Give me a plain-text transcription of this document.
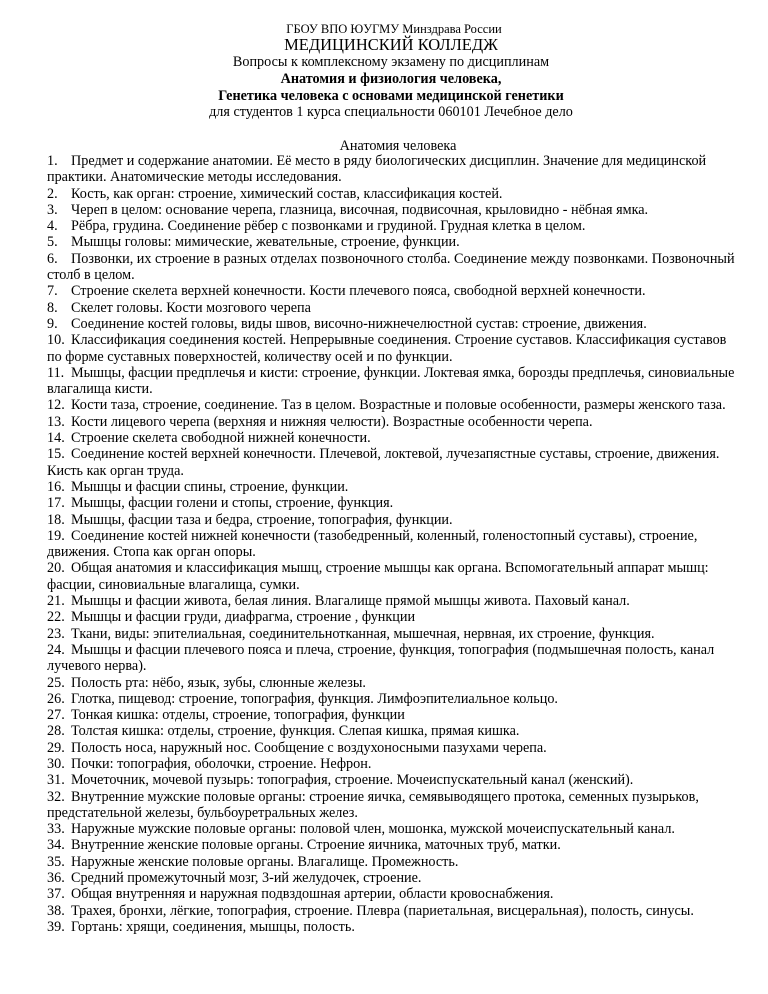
ГБОУ ВПО ЮУГМУ Минздрава России
МЕДИЦИНСКИЙ КОЛЛЕДЖ
Вопросы к комплексному экзамену по дисциплинам
Анатомия и физиология человека,
Генетика человека с основами медицинской генетики
для студентов 1 курса специальности 060101 Лечебное дело
Анатомия человека
1. Предмет и содержание анатомии. Её место в ряду биологических дисциплин. Значение для медицинской практики. Анатомические методы исследования.
2. Кость, как орган: строение, химический состав, классификация костей.
3. Череп в целом: основание черепа, глазница, височная, подвисочная, крыловидно - нёбная ямка.
4. Рёбра, грудина. Соединение рёбер с позвонками и грудиной. Грудная клетка в целом.
5. Мышцы головы: мимические, жевательные, строение, функции.
6. Позвонки, их строение в разных отделах позвоночного столба. Соединение между позвонками. Позвоночный столб в целом.
7. Строение скелета верхней конечности. Кости плечевого пояса, свободной верхней конечности.
8. Скелет головы. Кости мозгового черепа
9. Соединение костей головы, виды швов, височно-нижнечелюстной сустав: строение, движения.
10. Классификация соединения костей. Непрерывные соединения. Строение суставов. Классификация суставов по форме суставных поверхностей, количеству осей и по функции.
11. Мышцы, фасции предплечья и кисти: строение, функции. Локтевая ямка, борозды предплечья, синовиальные влагалища кисти.
12. Кости таза, строение, соединение. Таз в целом. Возрастные и половые особенности, размеры женского таза.
13. Кости лицевого черепа (верхняя и нижняя челюсти). Возрастные особенности черепа.
14. Строение скелета свободной нижней конечности.
15. Соединение костей верхней конечности. Плечевой, локтевой, лучезапястные суставы, строение, движения. Кисть как орган труда.
16. Мышцы и фасции спины, строение, функции.
17. Мышцы, фасции голени и стопы, строение, функция.
18. Мышцы, фасции таза и бедра, строение, топография, функции.
19. Соединение костей нижней конечности (тазобедренный, коленный, голеностопный суставы), строение, движения. Стопа как орган опоры.
20. Общая анатомия и классификация мышц, строение мышцы как органа. Вспомогательный аппарат мышц: фасции, синовиальные влагалища, сумки.
21. Мышцы и фасции живота, белая линия. Влагалище прямой мышцы живота. Паховый канал.
22. Мышцы и фасции груди, диафрагма, строение , функции
23. Ткани, виды: эпителиальная, соединительнотканная, мышечная, нервная, их строение, функция.
24. Мышцы и фасции плечевого пояса и плеча, строение, функция, топография (подмышечная полость, канал лучевого нерва).
25. Полость рта: нёбо, язык, зубы, слюнные железы.
26. Глотка, пищевод: строение, топография, функция. Лимфоэпителиальное кольцо.
27. Тонкая кишка: отделы, строение, топография, функции
28. Толстая кишка: отделы, строение, функция. Слепая кишка, прямая кишка.
29. Полость носа, наружный нос. Сообщение с воздухоносными пазухами черепа.
30. Почки: топография, оболочки, строение. Нефрон.
31. Мочеточник, мочевой пузырь: топография, строение. Мочеиспускательный канал (женский).
32. Внутренние мужские половые органы: строение яичка, семявыводящего протока, семенных пузырьков, предстательной железы, бульбоуретральных желез.
33. Наружные мужские половые органы: половой член, мошонка, мужской мочеиспускательный канал.
34. Внутренние женские половые органы. Строение яичника, маточных труб, матки.
35. Наружные женские половые органы. Влагалище. Промежность.
36. Средний промежуточный мозг, 3-ий желудочек, строение.
37. Общая внутренняя и наружная подвздошная артерии, области кровоснабжения.
38. Трахея, бронхи, лёгкие, топография, строение. Плевра (париетальная, висцеральная), полость, синусы.
39. Гортань: хрящи, соединения, мышцы, полость.
